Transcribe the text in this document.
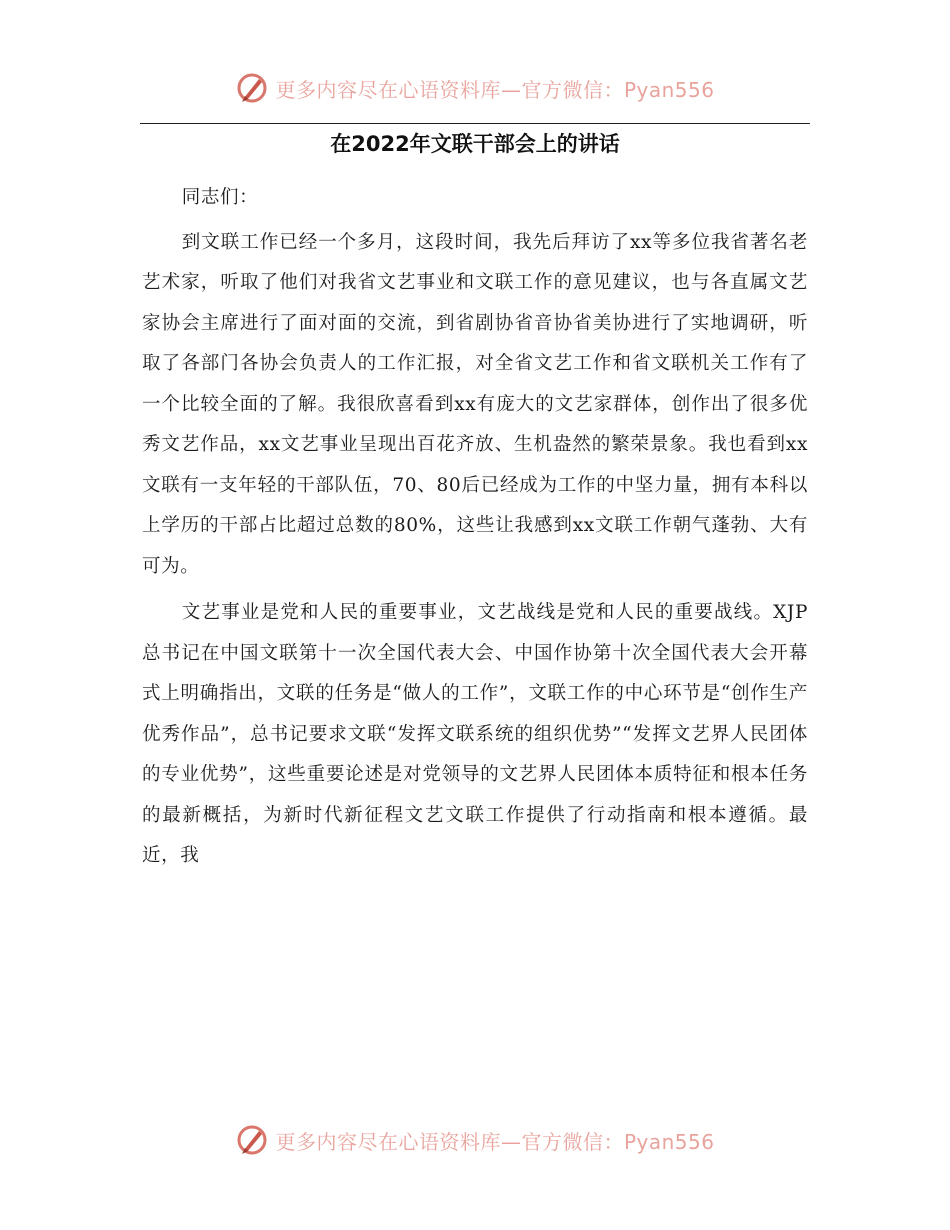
更多内容尽在心语资料库—官方微信：Pyan556
在2022年文联干部会上的讲话

同志们：

到文联工作已经一个多月，这段时间，我先后拜访了xx等多位我省著名老艺术家，听取了他们对我省文艺事业和文联工作的意见建议，也与各直属文艺家协会主席进行了面对面的交流，到省剧协省音协省美协进行了实地调研，听取了各部门各协会负责人的工作汇报，对全省文艺工作和省文联机关工作有了一个比较全面的了解。我很欣喜看到xx有庞大的文艺家群体，创作出了很多优秀文艺作品，xx文艺事业呈现出百花齐放、生机盎然的繁荣景象。我也看到xx文联有一支年轻的干部队伍，70、80后已经成为工作的中坚力量，拥有本科以上学历的干部占比超过总数的80%，这些让我感到xx文联工作朝气蓬勃、大有可为。

文艺事业是党和人民的重要事业，文艺战线是党和人民的重要战线。XJP总书记在中国文联第十一次全国代表大会、中国作协第十次全国代表大会开幕式上明确指出，文联的任务是“做人的工作”，文联工作的中心环节是“创作生产优秀作品”，总书记要求文联“发挥文联系统的组织优势”“发挥文艺界人民团体的专业优势”，这些重要论述是对党领导的文艺界人民团体本质特征和根本任务的最新概括，为新时代新征程文艺文联工作提供了行动指南和根本遵循。最近，我

更多内容尽在心语资料库—官方微信：Pyan556
